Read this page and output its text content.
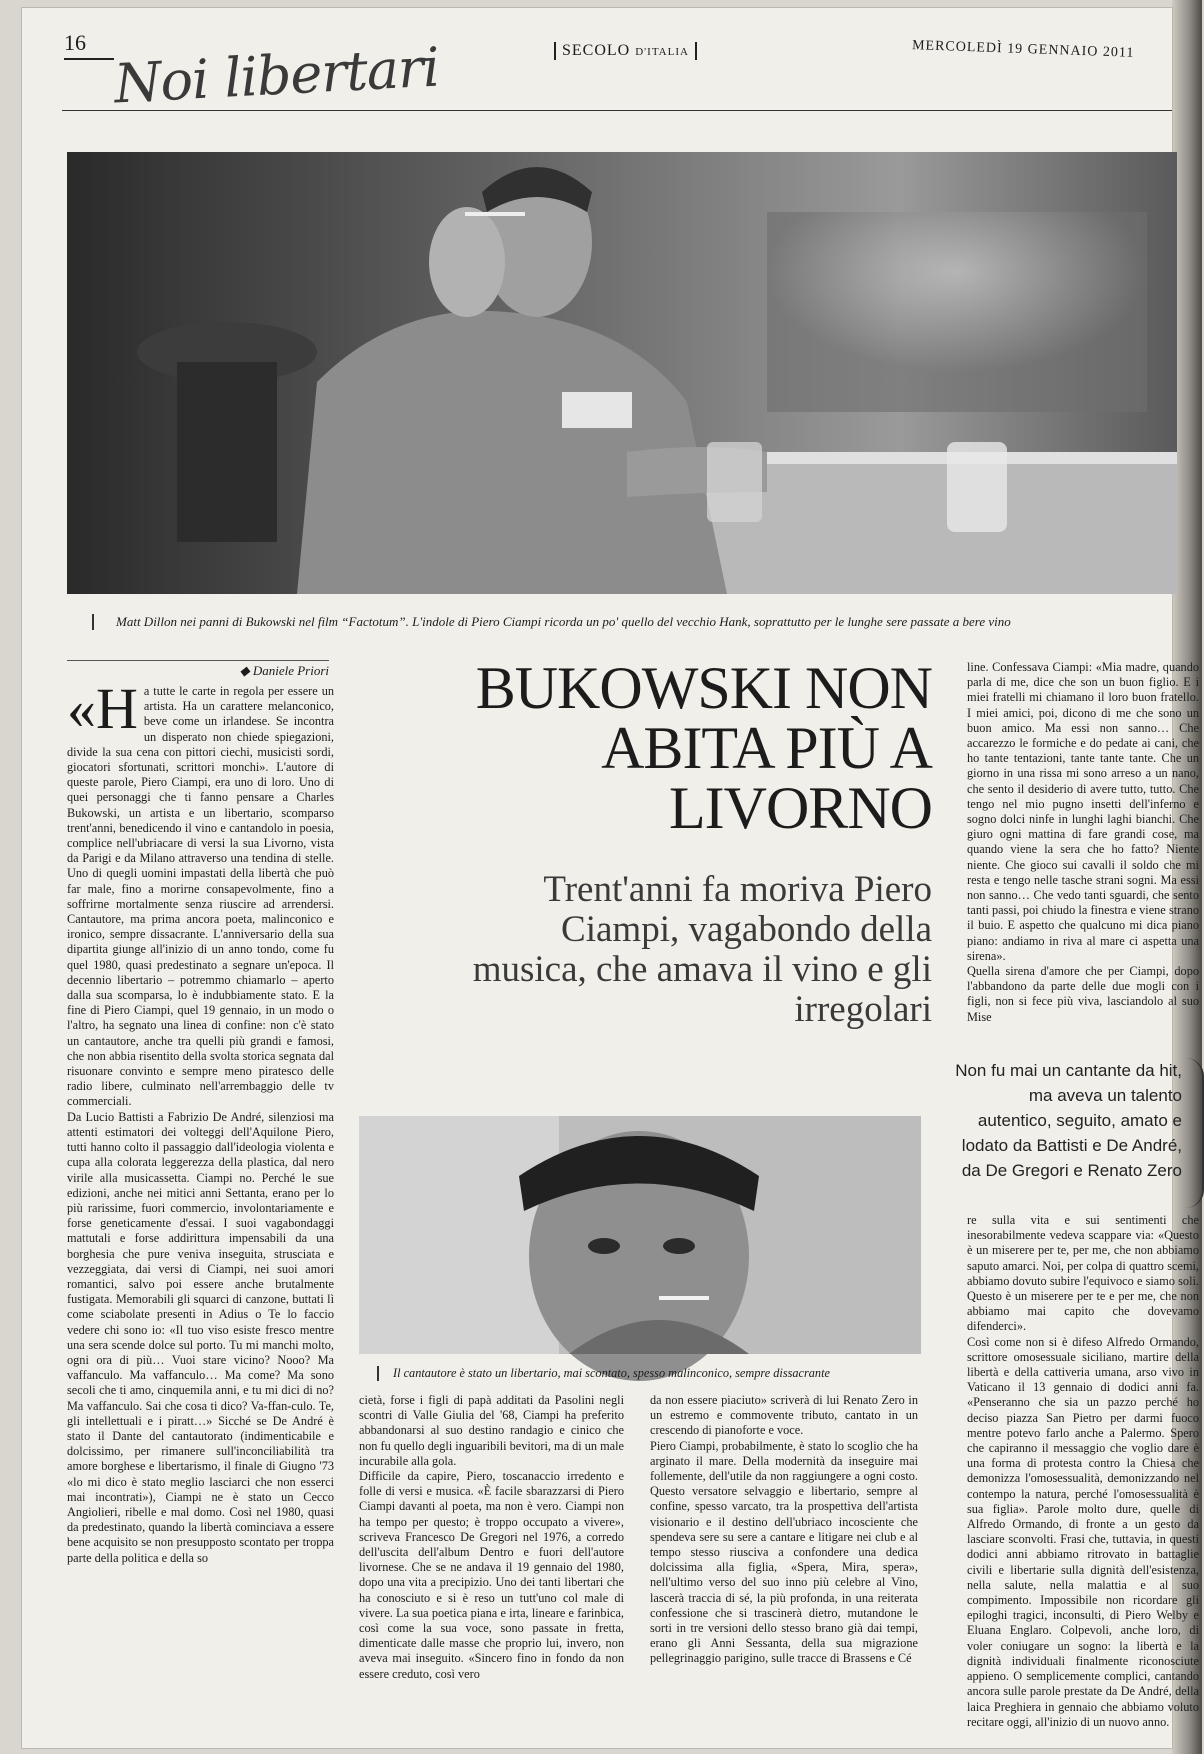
16 Noi libertari	SECOLO D'ITALIA	MERCOLEDÌ 19 GENNAIO 2011
Matt Dillon nei panni di Bukowski nel film “Factotum”. L'indole di Piero Ciampi ricorda un po' quello del vecchio Hank, soprattutto per le lunghe sere passate a bere vino
◆ Daniele Priori

«Ha tutte le carte in regola per essere un artista. Ha un carattere melanconico, beve come un irlandese. Se incontra un disperato non chiede spiegazioni, divide la sua cena con pittori ciechi, musicisti sordi, giocatori sfortunati, scrittori monchi». L'autore di queste parole, Piero Ciampi, era uno di loro. Uno di quei personaggi che ti fanno pensare a Charles Bukowski, un artista e un libertario, scomparso trent'anni, benedicendo il vino e cantandolo in poesia, complice nell'ubriacare di versi la sua Livorno, vista da Parigi e da Milano attraverso una tendina di stelle. Uno di quegli uomini impastati della libertà che può far male, fino a morirne consapevolmente, fino a soffrirne mortalmente senza riuscire ad arrendersi. Cantautore, ma prima ancora poeta, malinconico e ironico, sempre dissacrante. L'anniversario della sua dipartita giunge all'inizio di un anno tondo, come fu quel 1980, quasi predestinato a segnare un'epoca. Il decennio libertario – potremmo chiamarlo – aperto dalla sua scomparsa, lo è indubbiamente stato. E la fine di Piero Ciampi, quel 19 gennaio, in un modo o l'altro, ha segnato una linea di confine: non c'è stato un cantautore, anche tra quelli più grandi e famosi, che non abbia risentito della svolta storica segnata dal risuonare convinto e sempre meno piratesco delle radio libere, culminato nell'arrembaggio delle tv commerciali.
Da Lucio Battisti a Fabrizio De André, silenziosi ma attenti estimatori dei volteggi dell'Aquilone Piero, tutti hanno colto il passaggio dall'ideologia violenta e cupa alla colorata leggerezza della plastica, dal nero virile alla musicassetta. Ciampi no. Perché le sue edizioni, anche nei mitici anni Settanta, erano per lo più rarissime, fuori commercio, involontariamente e forse geneticamente d'essai. I suoi vagabondaggi mattutali e forse addirittura impensabili da una borghesia che pure veniva inseguita, strusciata e vezzeggiata, dai versi di Ciampi, nei suoi amori romantici, salvo poi essere anche brutalmente fustigata. Memorabili gli squarci di canzone, buttati lì come sciabolate presenti in Adius o Te lo faccio vedere chi sono io: «Il tuo viso esiste fresco mentre una sera scende dolce sul porto. Tu mi manchi molto, ogni ora di più… Vuoi stare vicino? Nooo? Ma vaffanculo. Ma vaffanculo… Ma come? Ma sono secoli che ti amo, cinquemila anni, e tu mi dici di no? Ma vaffanculo. Sai che cosa ti dico? Va-ffan-culo. Te, gli intellettuali e i piratt…» Sicché se De André è stato il Dante del cantautorato (indimenticabile e dolcissimo, per rimanere sull'inconciliabilità tra amore borghese e libertarismo, il finale di Giugno '73 «lo mi dico è stato meglio lasciarci che non esserci mai incontrati»), Ciampi ne è stato un Cecco Angiolieri, ribelle e mal domo. Così nel 1980, quasi da predestinato, quando la libertà cominciava a essere bene acquisito se non presupposto scontato per troppa parte della politica e della so

BUKOWSKI NON ABITA PIÙ A LIVORNO
Trent'anni fa moriva Piero Ciampi, vagabondo della musica, che amava il vino e gli irregolari

line. Confessava Ciampi: «Mia madre, quando parla di me, dice che son un buon figlio. E i miei fratelli mi chiamano il loro buon fratello. I miei amici, poi, dicono di me che sono un buon amico. Ma essi non sanno… Che accarezzo le formiche e do pedate ai cani, che ho tante tentazioni, tante tante tante. Che un giorno in una rissa mi sono arreso a un nano, che sento il desiderio di avere tutto, tutto. Che tengo nel mio pugno insetti dell'inferno e sogno dolci ninfe in lunghi laghi bianchi. Che giuro ogni mattina di fare grandi cose, ma quando viene la sera che ho fatto? Niente niente. Che gioco sui cavalli il soldo che mi resta e tengo nelle tasche strani sogni. Ma essi non sanno… Che vedo tanti sguardi, che sento tanti passi, poi chiudo la finestra e viene strano il buio. E aspetto che qualcuno mi dica piano piano: andiamo in riva al mare ci aspetta una sirena».
Quella sirena d'amore che per Ciampi, dopo l'abbandono da parte delle due mogli con i figli, non si fece più viva, lasciandolo al suo Mise

Non fu mai un cantante da hit, ma aveva un talento autentico, seguito, amato e lodato da Battisti e De André, da De Gregori e Renato Zero
Il cantautore è stato un libertario, mai scontato, spesso malinconico, sempre dissacrante

cietà, forse i figli di papà additati da Pasolini negli scontri di Valle Giulia del '68, Ciampi ha preferito abbandonarsi al suo destino randagio e cinico che non fu quello degli inguaribili bevitori, ma di un male incurabile alla gola.
Difficile da capire, Piero, toscanaccio irredento e folle di versi e musica. «È facile sbarazzarsi di Piero Ciampi davanti al poeta, ma non è vero. Ciampi non ha tempo per questo; è troppo occupato a vivere», scriveva Francesco De Gregori nel 1976, a corredo dell'uscita dell'album Dentro e fuori dell'autore livornese. Che se ne andava il 19 gennaio del 1980, dopo una vita a precipizio. Uno dei tanti libertari che ha conosciuto e si è reso un tutt'uno col male di vivere. La sua poetica piana e irta, lineare e farinbica, così come la sua voce, sono passate in fretta, dimenticate dalle masse che proprio lui, invero, non aveva mai inseguito. «Sincero fino in fondo da non essere creduto, così vero

da non essere piaciuto» scriverà di lui Renato Zero in un estremo e commovente tributo, cantato in un crescendo di pianoforte e voce.
Piero Ciampi, probabilmente, è stato lo scoglio che ha arginato il mare. Della modernità da inseguire mai follemente, dell'utile da non raggiungere a ogni costo. Questo versatore selvaggio e libertario, sempre al confine, spesso varcato, tra la prospettiva dell'artista visionario e il destino dell'ubriaco incosciente che spendeva sere su sere a cantare e litigare nei club e al tempo stesso riusciva a confondere una dedica dolcissima alla figlia, «Spera, Mira, spera», nell'ultimo verso del suo inno più celebre al Vino, lascerà traccia di sé, la più profonda, in una reiterata confessione che si trascinerà dietro, mutandone le sorti in tre versioni dello stesso brano già dai tempi, erano gli Anni Sessanta, della sua migrazione pellegrinaggio parigino, sulle tracce di Brassens e Cé

re sulla vita e sui sentimenti che inesorabilmente vedeva scappare via: «Questo è un miserere per te, per me, che non abbiamo saputo amarci. Noi, per colpa di quattro scemi, abbiamo dovuto subire l'equivoco e siamo soli. Questo è un miserere per te e per me, che non abbiamo mai capito che dovevamo difenderci».
Così come non si è difeso Alfredo Ormando, scrittore omosessuale siciliano, martire della libertà e della cattiveria umana, arso vivo in Vaticano il 13 gennaio di dodici anni fa. «Penseranno che sia un pazzo perché ho deciso piazza San Pietro per darmi fuoco mentre potevo farlo anche a Palermo. Spero che capiranno il messaggio che voglio dare è una forma di protesta contro la Chiesa che demonizza l'omosessualità, demonizzando nel contempo la natura, perché l'omosessualità è sua figlia». Parole molto dure, quelle di Alfredo Ormando, di fronte a un gesto da lasciare sconvolti. Frasi che, tuttavia, in questi dodici anni abbiamo ritrovato in battaglie civili e libertarie sulla dignità dell'esistenza, nella salute, nella malattia e al suo compimento. Impossibile non ricordare gli epiloghi tragici, inconsulti, di Piero Welby e Eluana Englaro. Colpevoli, anche loro, di voler coniugare un sogno: la libertà e la dignità individuali finalmente riconosciute appieno. O semplicemente complici, cantando ancora sulle parole prestate da De André, della laica Preghiera in gennaio che abbiamo voluto recitare oggi, all'inizio di un nuovo anno.
